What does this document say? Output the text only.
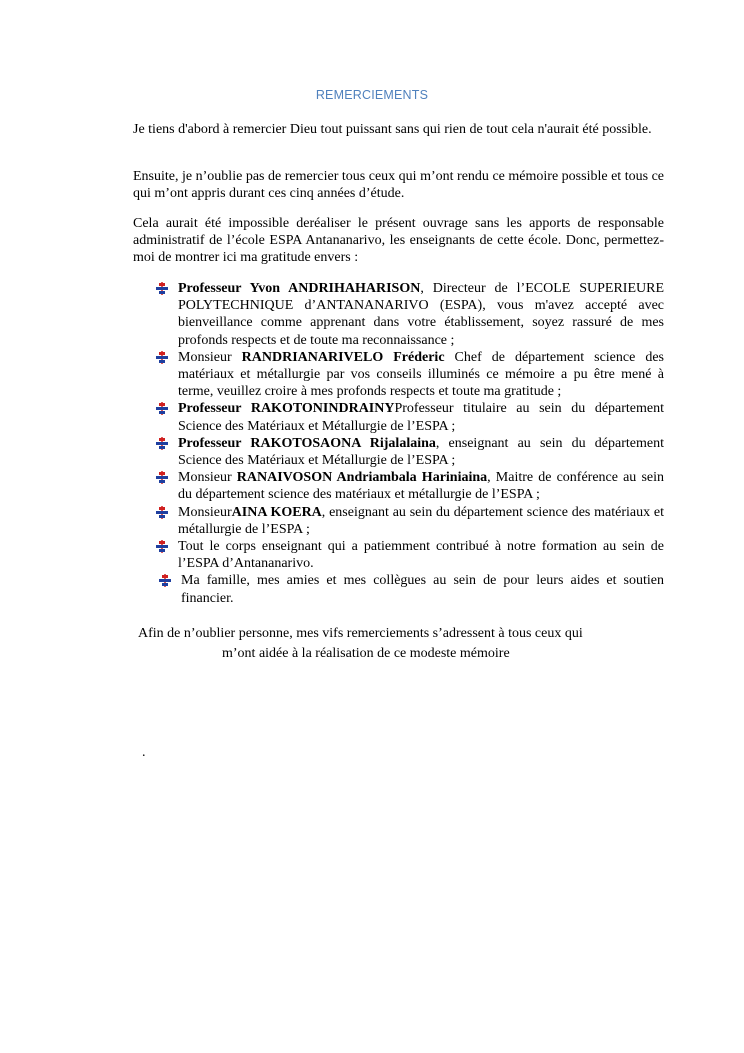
REMERCIEMENTS

Je tiens d'abord à remercier Dieu tout puissant sans qui rien de tout cela n'aurait été possible.

Ensuite, je n’oublie pas de remercier tous ceux qui m’ont rendu ce mémoire possible et tous ce qui m’ont appris durant ces cinq années d’étude.

Cela aurait été impossible deréaliser le présent ouvrage sans les apports de responsable administratif de l’école ESPA Antananarivo, les enseignants de cette école. Donc, permettez-moi de montrer ici ma gratitude envers :

Professeur Yvon ANDRIHAHARISON, Directeur de l’ECOLE SUPERIEURE POLYTECHNIQUE d’ANTANANARIVO (ESPA), vous m'avez accepté avec bienveillance comme apprenant dans votre établissement, soyez rassuré de mes profonds respects et de toute ma reconnaissance ;
Monsieur RANDRIANARIVELO Fréderic Chef de département science des matériaux et métallurgie par vos conseils illuminés ce mémoire a pu être mené à terme, veuillez croire à mes profonds respects et toute ma gratitude ;
Professeur RAKOTONINDRAINYProfesseur titulaire au sein du département Science des Matériaux et Métallurgie de l’ESPA ;
Professeur RAKOTOSAONA Rijalalaina, enseignant au sein du département Science des Matériaux et Métallurgie de l’ESPA ;
Monsieur RANAIVOSON Andriambala Hariniaina, Maitre de conférence au sein du département science des matériaux et métallurgie de l’ESPA ;
MonsieurAINA KOERA, enseignant au sein du département science des matériaux et métallurgie de l’ESPA ;
Tout le corps enseignant qui a patiemment contribué à notre formation au sein de l’ESPA d’Antananarivo.
Ma famille, mes amies et mes collègues au sein de pour leurs aides et soutien financier.

Afin de n’oublier personne, mes vifs remerciements s’adressent à tous ceux qui
m’ont aidée à la réalisation de ce modeste mémoire

.
